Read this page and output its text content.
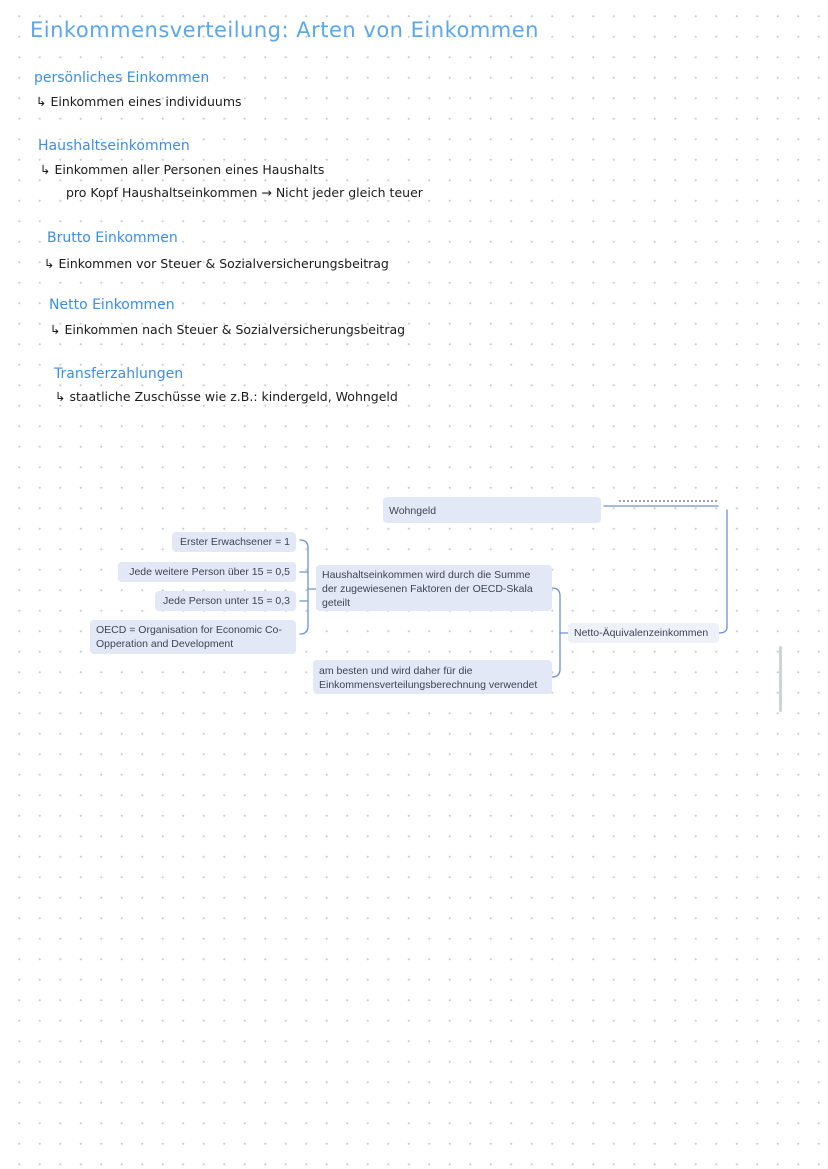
Einkommensverteilung: Arten von Einkommen
persönliches Einkommen
↳ Einkommen eines individuums
Haushaltseinkommen
↳ Einkommen aller Personen eines Haushalts
pro Kopf Haushaltseinkommen → Nicht jeder gleich teuer
Brutto Einkommen
↳ Einkommen vor Steuer & Sozialversicherungsbeitrag
Netto Einkommen
↳ Einkommen nach Steuer & Sozialversicherungsbeitrag
Transferzahlungen
↳ staatliche Zuschüsse wie z.B.: kindergeld, Wohngeld
Wohngeld
Erster Erwachsener = 1
Jede weitere Person über 15 = 0,5
Jede Person unter 15 = 0,3
OECD = Organisation for Economic Co-Opperation and Development
Haushaltseinkommen wird durch die Summe der zugewiesenen Faktoren der OECD-Skala geteilt
am besten und wird daher für die Einkommensverteilungsberechnung verwendet
Netto-Äquivalenzeinkommen
